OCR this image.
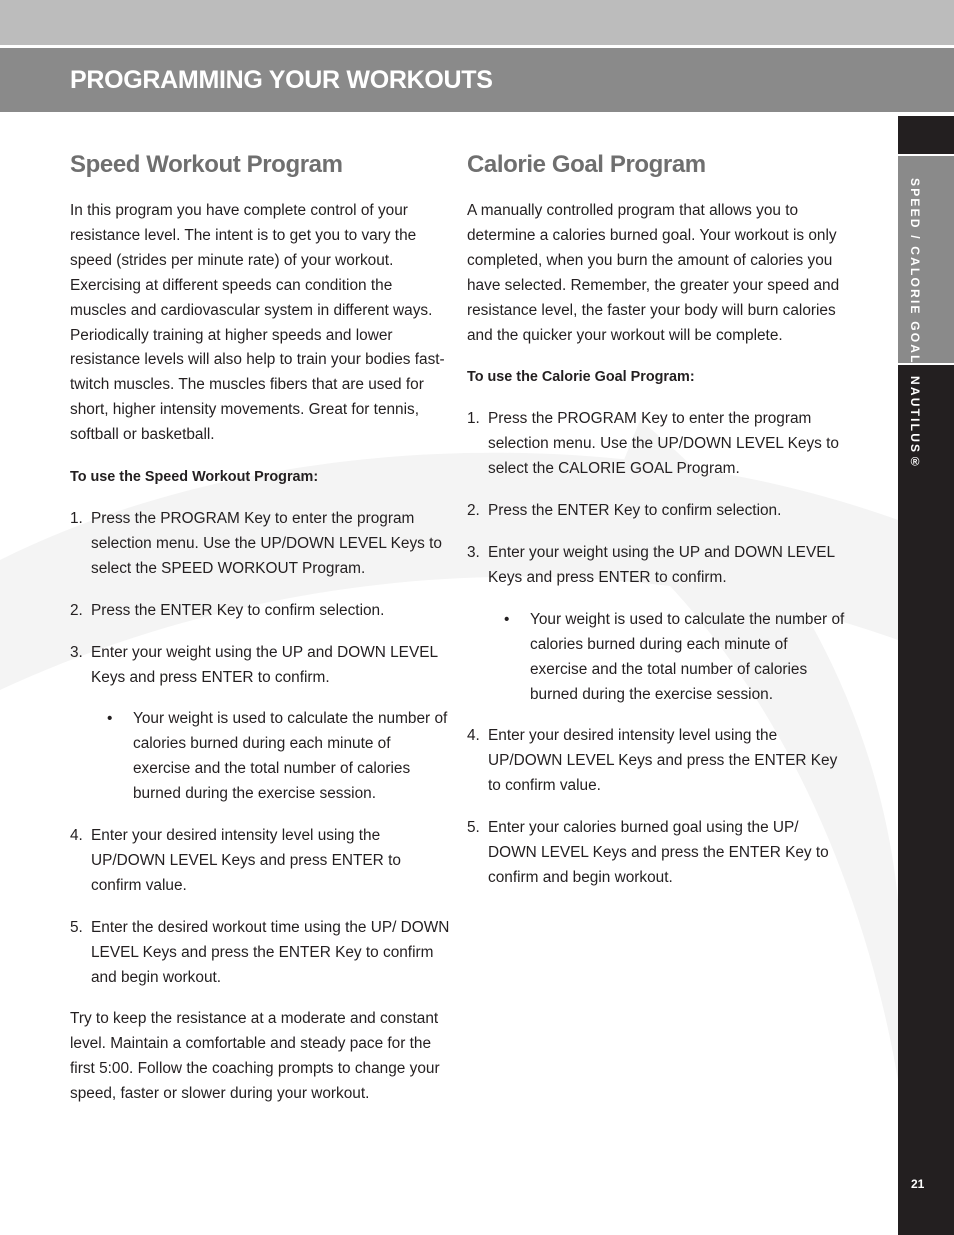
PROGRAMMING YOUR WORKOUTS
SPEED / CALORIE GOAL
NAUTILUS®
21
Speed Workout Program

In this program you have complete control of your resistance level. The intent is to get you to vary the speed (strides per minute rate) of your workout. Exercising at different speeds can condition the muscles and cardiovascular system in different ways. Periodically training at higher speeds and lower resistance levels will also help to train your bodies fast-twitch muscles. The muscles fibers that are used for short, higher intensity movements. Great for tennis, softball or basketball.

To use the Speed Workout Program:

1. Press the PROGRAM Key to enter the program selection menu. Use the UP/DOWN LEVEL Keys to select the SPEED WORKOUT Program.
2. Press the ENTER Key to confirm selection.
3. Enter your weight using the UP and DOWN LEVEL Keys and press ENTER to confirm.
• Your weight is used to calculate the number of calories burned during each minute of exercise and the total number of calories burned during the exercise session.
4. Enter your desired intensity level using the UP/DOWN LEVEL Keys and press ENTER to confirm value.
5. Enter the desired workout time using the UP/ DOWN LEVEL Keys and press the ENTER Key to confirm and begin workout.

Try to keep the resistance at a moderate and constant level. Maintain a comfortable and steady pace for the first 5:00. Follow the coaching prompts to change your speed, faster or slower during your workout.

Calorie Goal Program

A manually controlled program that allows you to determine a calories burned goal. Your workout is only completed, when you burn the amount of calories you have selected. Remember, the greater your speed and resistance level, the faster your body will burn calories and the quicker your workout will be complete.

To use the Calorie Goal Program:

1. Press the PROGRAM Key to enter the program selection menu. Use the UP/DOWN LEVEL Keys to select the CALORIE GOAL Program.
2. Press the ENTER Key to confirm selection.
3. Enter your weight using the UP and DOWN LEVEL Keys and press ENTER to confirm.
• Your weight is used to calculate the number of calories burned during each minute of exercise and the total number of calories burned during the exercise session.
4. Enter your desired intensity level using the UP/DOWN LEVEL Keys and press the ENTER Key to confirm value.
5. Enter your calories burned goal using the UP/ DOWN LEVEL Keys and press the ENTER Key to confirm and begin workout.
